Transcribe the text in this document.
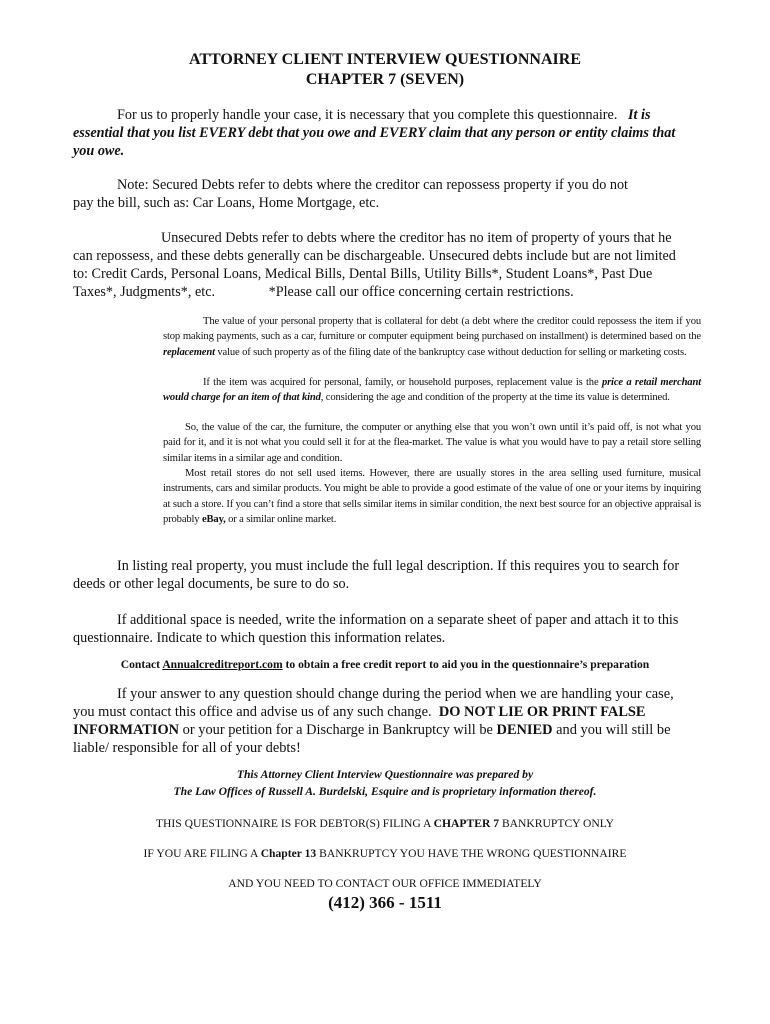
ATTORNEY CLIENT INTERVIEW QUESTIONNAIRE
CHAPTER 7 (SEVEN)

For us to properly handle your case, it is necessary that you complete this questionnaire. It is essential that you list EVERY debt that you owe and EVERY claim that any person or entity claims that you owe.

Note: Secured Debts refer to debts where the creditor can repossess property if you do not pay the bill, such as: Car Loans, Home Mortgage, etc.

Unsecured Debts refer to debts where the creditor has no item of property of yours that he can repossess, and these debts generally can be dischargeable. Unsecured debts include but are not limited to: Credit Cards, Personal Loans, Medical Bills, Dental Bills, Utility Bills*, Student Loans*, Past Due Taxes*, Judgments*, etc.	*Please call our office concerning certain restrictions.

The value of your personal property that is collateral for debt (a debt where the creditor could repossess the item if you stop making payments, such as a car, furniture or computer equipment being purchased on installment) is determined based on the replacement value of such property as of the filing date of the bankruptcy case without deduction for selling or marketing costs.

If the item was acquired for personal, family, or household purposes, replacement value is the price a retail merchant would charge for an item of that kind, considering the age and condition of the property at the time its value is determined.

So, the value of the car, the furniture, the computer or anything else that you won’t own until it’s paid off, is not what you paid for it, and it is not what you could sell it for at the flea-market. The value is what you would have to pay a retail store selling similar items in a similar age and condition.

Most retail stores do not sell used items. However, there are usually stores in the area selling used furniture, musical instruments, cars and similar products. You might be able to provide a good estimate of the value of one or your items by inquiring at such a store. If you can’t find a store that sells similar items in similar condition, the next best source for an objective appraisal is probably eBay, or a similar online market.

In listing real property, you must include the full legal description. If this requires you to search for deeds or other legal documents, be sure to do so.

If additional space is needed, write the information on a separate sheet of paper and attach it to this questionnaire. Indicate to which question this information relates.

Contact Annualcreditreport.com to obtain a free credit report to aid you in the questionnaire’s preparation

If your answer to any question should change during the period when we are handling your case, you must contact this office and advise us of any such change. DO NOT LIE OR PRINT FALSE INFORMATION or your petition for a Discharge in Bankruptcy will be DENIED and you will still be liable/ responsible for all of your debts!

This Attorney Client Interview Questionnaire was prepared by

The Law Offices of Russell A. Burdelski, Esquire and is proprietary information thereof.

THIS QUESTIONNAIRE IS FOR DEBTOR(S) FILING A CHAPTER 7 BANKRUPTCY ONLY

IF YOU ARE FILING A Chapter 13 BANKRUPTCY YOU HAVE THE WRONG QUESTIONNAIRE

AND YOU NEED TO CONTACT OUR OFFICE IMMEDIATELY

(412) 366 - 1511
